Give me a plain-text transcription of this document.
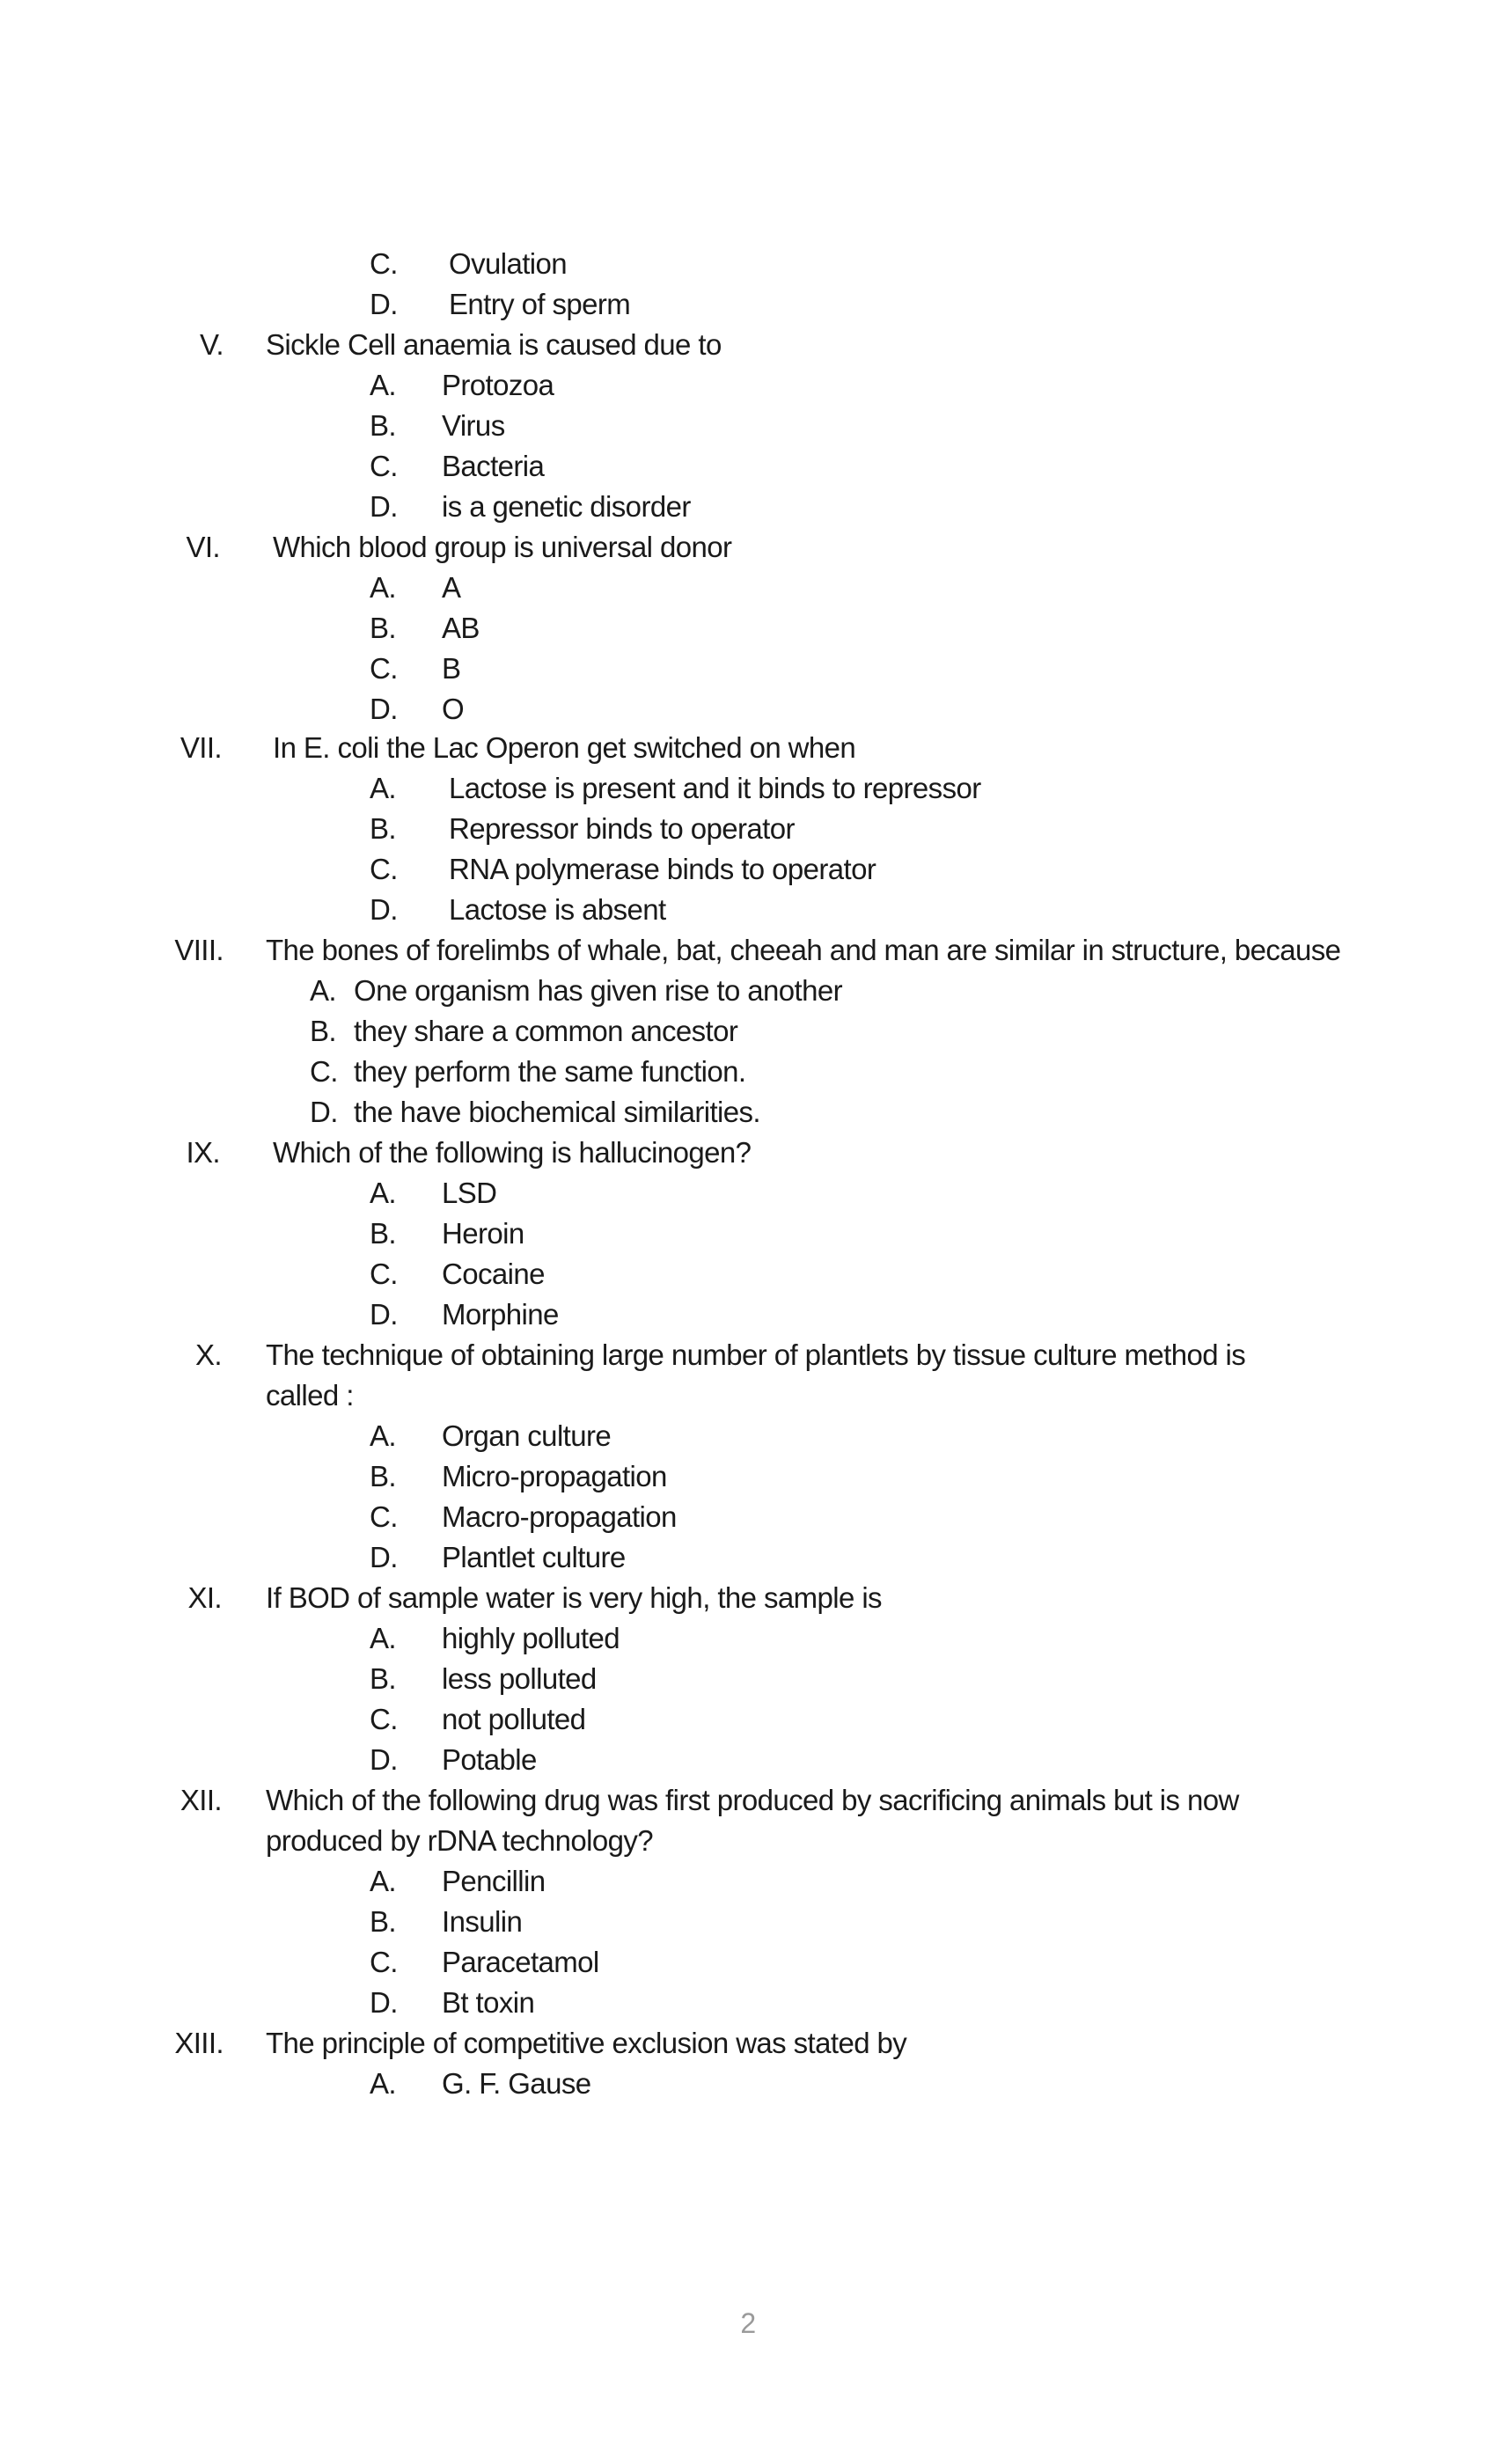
C. Ovulation
D. Entry of sperm
V. Sickle Cell anaemia is caused due to
A. Protozoa
B. Virus
C. Bacteria
D. is a genetic disorder
VI. Which blood group is universal donor
A. A
B. AB
C. B
D. O
VII. In E. coli the Lac Operon get switched on when
A. Lactose is present and it binds to repressor
B. Repressor binds to operator
C. RNA polymerase binds to operator
D. Lactose is absent
VIII. The bones of forelimbs of whale, bat, cheeah and man are similar in structure, because
A. One organism has given rise to another
B. they share a common ancestor
C. they perform the same function.
D. the have biochemical similarities.
IX. Which of the following is hallucinogen?
A. LSD
B. Heroin
C. Cocaine
D. Morphine
X. The technique of obtaining large number of plantlets by tissue culture method is
called :
A. Organ culture
B. Micro-propagation
C. Macro-propagation
D. Plantlet culture
XI. If BOD of sample water is very high, the sample is
A. highly polluted
B. less polluted
C. not polluted
D. Potable
XII. Which of the following drug was first produced by sacrificing animals but is now
produced by rDNA technology?
A. Pencillin
B. Insulin
C. Paracetamol
D. Bt toxin
XIII. The principle of competitive exclusion was stated by
A. G. F. Gause
2
